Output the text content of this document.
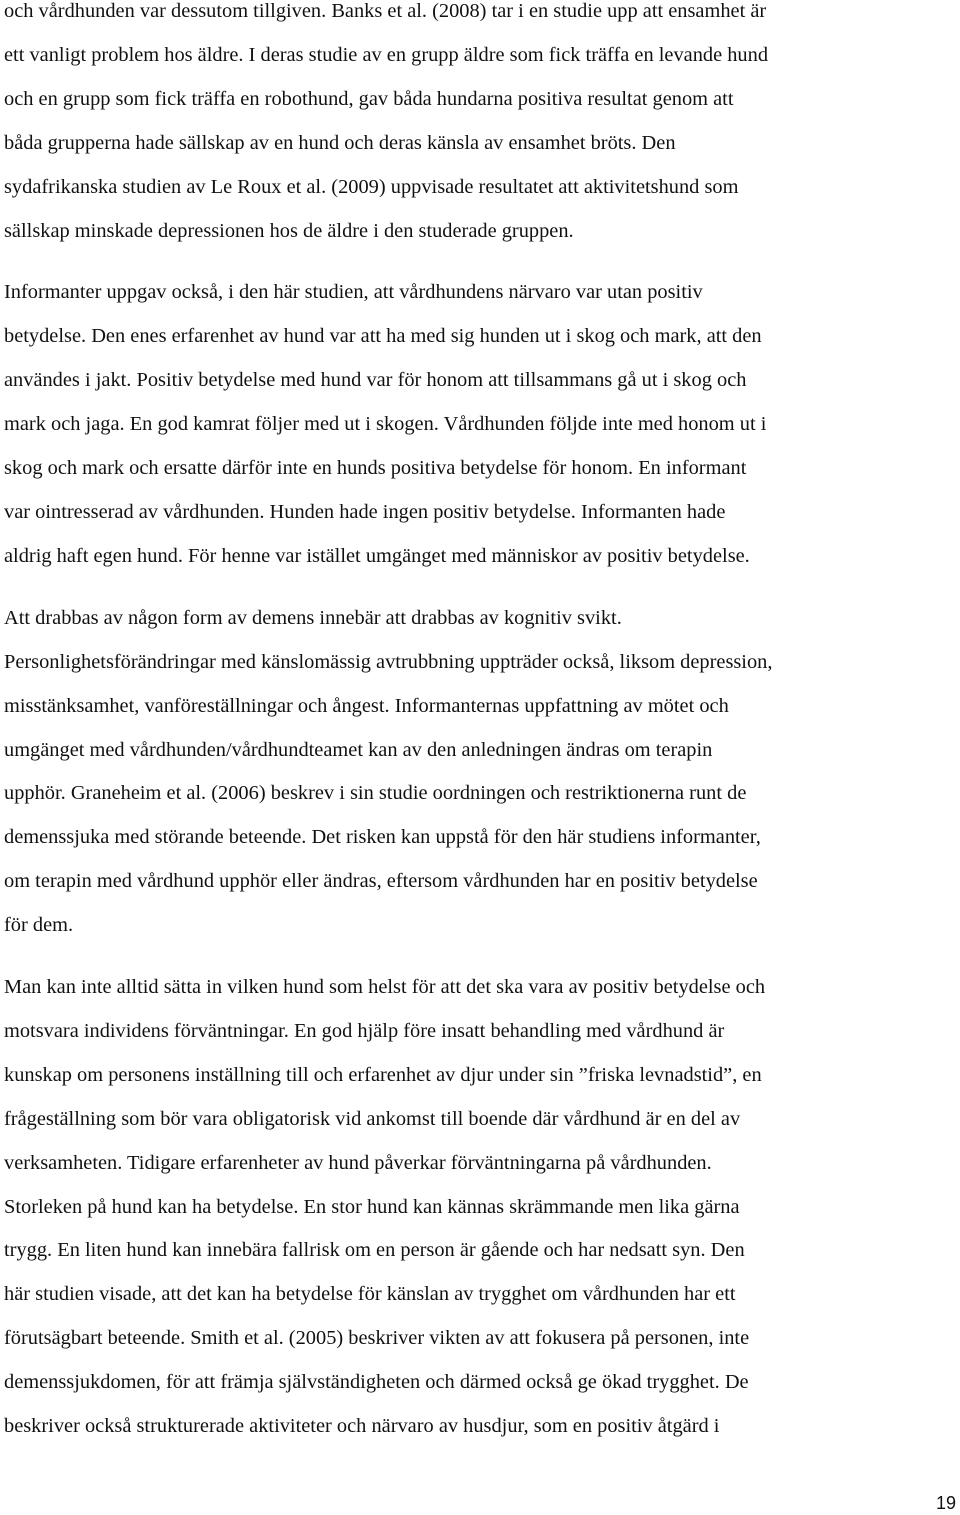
och vårdhunden var dessutom tillgiven. Banks et al. (2008) tar i en studie upp att ensamhet är
ett vanligt problem hos äldre. I deras studie av en grupp äldre som fick träffa en levande hund
och en grupp som fick träffa en robothund, gav båda hundarna positiva resultat genom att
båda grupperna hade sällskap av en hund och deras känsla av ensamhet bröts. Den
sydafrikanska studien av Le Roux et al. (2009) uppvisade resultatet att aktivitetshund som
sällskap minskade depressionen hos de äldre i den studerade gruppen.

Informanter uppgav också, i den här studien, att vårdhundens närvaro var utan positiv
betydelse. Den enes erfarenhet av hund var att ha med sig hunden ut i skog och mark, att den
användes i jakt. Positiv betydelse med hund var för honom att tillsammans gå ut i skog och
mark och jaga. En god kamrat följer med ut i skogen. Vårdhunden följde inte med honom ut i
skog och mark och ersatte därför inte en hunds positiva betydelse för honom. En informant
var ointresserad av vårdhunden. Hunden hade ingen positiv betydelse. Informanten hade
aldrig haft egen hund. För henne var istället umgänget med människor av positiv betydelse.

Att drabbas av någon form av demens innebär att drabbas av kognitiv svikt.
Personlighetsförändringar med känslomässig avtrubbning uppträder också, liksom depression,
misstänksamhet, vanföreställningar och ångest. Informanternas uppfattning av mötet och
umgänget med vårdhunden/vårdhundteamet kan av den anledningen ändras om terapin
upphör. Graneheim et al. (2006) beskrev i sin studie oordningen och restriktionerna runt de
demenssjuka med störande beteende. Det risken kan uppstå för den här studiens informanter,
om terapin med vårdhund upphör eller ändras, eftersom vårdhunden har en positiv betydelse
för dem.

Man kan inte alltid sätta in vilken hund som helst för att det ska vara av positiv betydelse och
motsvara individens förväntningar. En god hjälp före insatt behandling med vårdhund är
kunskap om personens inställning till och erfarenhet av djur under sin ”friska levnadstid”, en
frågeställning som bör vara obligatorisk vid ankomst till boende där vårdhund är en del av
verksamheten. Tidigare erfarenheter av hund påverkar förväntningarna på vårdhunden.
Storleken på hund kan ha betydelse. En stor hund kan kännas skrämmande men lika gärna
trygg. En liten hund kan innebära fallrisk om en person är gående och har nedsatt syn. Den
här studien visade, att det kan ha betydelse för känslan av trygghet om vårdhunden har ett
förutsägbart beteende. Smith et al. (2005) beskriver vikten av att fokusera på personen, inte
demenssjukdomen, för att främja självständigheten och därmed också ge ökad trygghet. De
beskriver också strukturerade aktiviteter och närvaro av husdjur, som en positiv åtgärd i

19
